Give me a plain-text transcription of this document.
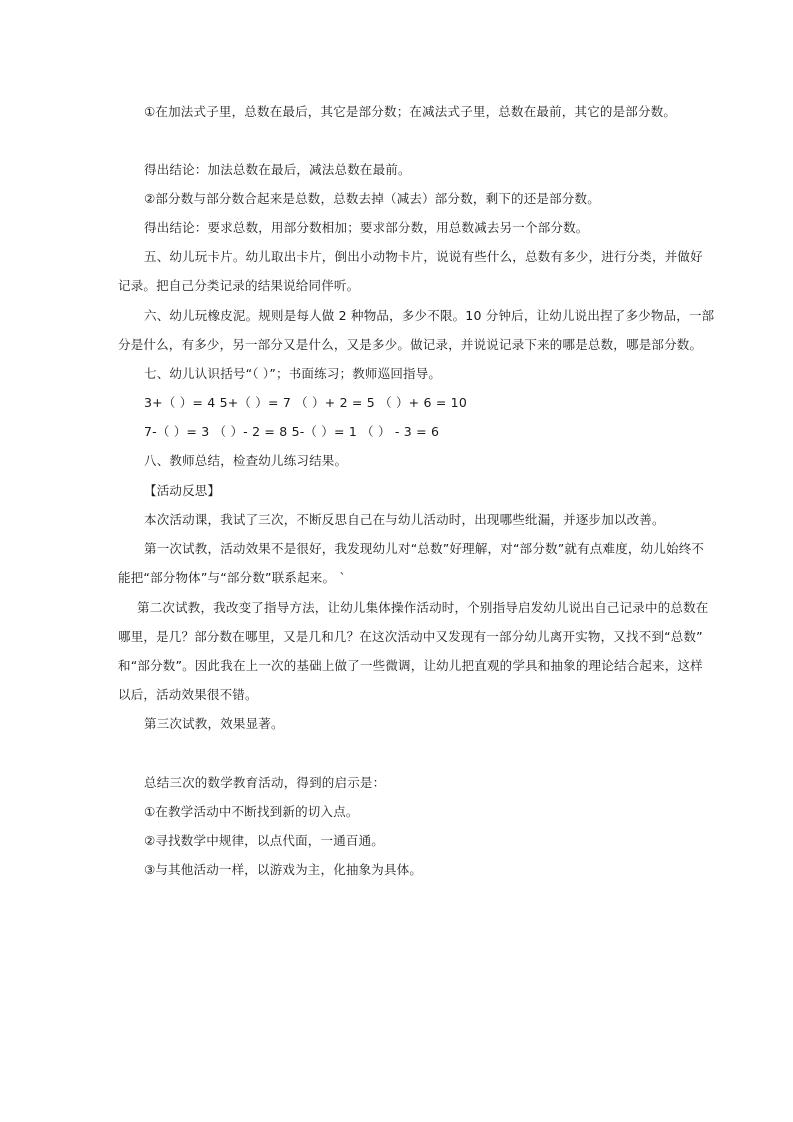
①在加法式子里，总数在最后，其它是部分数；在减法式子里，总数在最前，其它的是部分数。
得出结论：加法总数在最后，减法总数在最前。
②部分数与部分数合起来是总数，总数去掉（减去）部分数，剩下的还是部分数。
得出结论：要求总数，用部分数相加；要求部分数，用总数减去另一个部分数。
五、幼儿玩卡片。幼儿取出卡片，倒出小动物卡片，说说有些什么，总数有多少，进行分类，并做好
记录。把自己分类记录的结果说给同伴听。
六、幼儿玩橡皮泥。规则是每人做 2 种物品，多少不限。10 分钟后，让幼儿说出捏了多少物品，一部
分是什么，有多少，另一部分又是什么，又是多少。做记录，并说说记录下来的哪是总数，哪是部分数。
七、幼儿认识括号“（ ）”；书面练习；教师巡回指导。
3+（ ）= 4 5+（ ）= 7 （ ）+ 2 = 5 （ ）+ 6 = 10
7-（ ）= 3 （ ）- 2 = 8 5-（ ）= 1 （ ） - 3 = 6
八、教师总结，检查幼儿练习结果。
【活动反思】
本次活动课，我试了三次，不断反思自己在与幼儿活动时，出现哪些纰漏，并逐步加以改善。
第一次试教，活动效果不是很好，我发现幼儿对“总数”好理解，对“部分数”就有点难度，幼儿始终不
能把“部分物体”与“部分数”联系起来。 `
第二次试教，我改变了指导方法，让幼儿集体操作活动时，个别指导启发幼儿说出自己记录中的总数在
哪里，是几？部分数在哪里，又是几和几？在这次活动中又发现有一部分幼儿离开实物，又找不到“总数”
和“部分数”。因此我在上一次的基础上做了一些微调，让幼儿把直观的学具和抽象的理论结合起来，这样
以后，活动效果很不错。
第三次试教，效果显著。
总结三次的数学教育活动，得到的启示是：
①在教学活动中不断找到新的切入点。
②寻找数学中规律，以点代面，一通百通。
③与其他活动一样，以游戏为主，化抽象为具体。
